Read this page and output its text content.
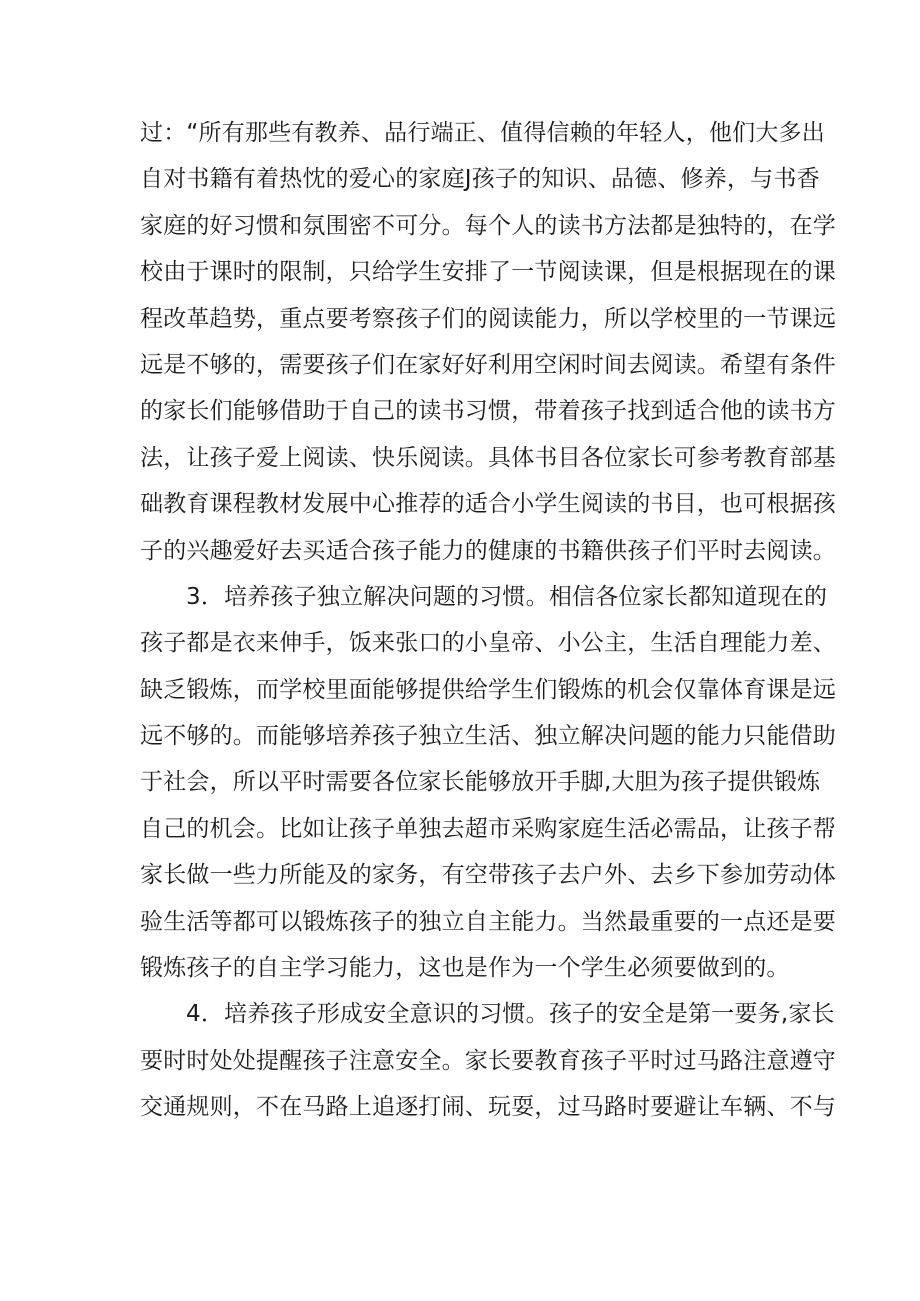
过：“所有那些有教养、品行端正、值得信赖的年轻人，他们大多出
自对书籍有着热忱的爱心的家庭J孩子的知识、品德、修养，与书香
家庭的好习惯和氛围密不可分。每个人的读书方法都是独特的，在学
校由于课时的限制，只给学生安排了一节阅读课，但是根据现在的课
程改革趋势，重点要考察孩子们的阅读能力，所以学校里的一节课远
远是不够的，需要孩子们在家好好利用空闲时间去阅读。希望有条件
的家长们能够借助于自己的读书习惯，带着孩子找到适合他的读书方
法，让孩子爱上阅读、快乐阅读。具体书目各位家长可参考教育部基
础教育课程教材发展中心推荐的适合小学生阅读的书目，也可根据孩
子的兴趣爱好去买适合孩子能力的健康的书籍供孩子们平时去阅读。
3．培养孩子独立解决问题的习惯。相信各位家长都知道现在的
孩子都是衣来伸手，饭来张口的小皇帝、小公主，生活自理能力差、
缺乏锻炼，而学校里面能够提供给学生们锻炼的机会仅靠体育课是远
远不够的。而能够培养孩子独立生活、独立解决问题的能力只能借助
于社会，所以平时需要各位家长能够放开手脚,大胆为孩子提供锻炼
自己的机会。比如让孩子单独去超市采购家庭生活必需品，让孩子帮
家长做一些力所能及的家务，有空带孩子去户外、去乡下参加劳动体
验生活等都可以锻炼孩子的独立自主能力。当然最重要的一点还是要
锻炼孩子的自主学习能力，这也是作为一个学生必须要做到的。
4．培养孩子形成安全意识的习惯。孩子的安全是第一要务,家长
要时时处处提醒孩子注意安全。家长要教育孩子平时过马路注意遵守
交通规则，不在马路上追逐打闹、玩耍，过马路时要避让车辆、不与
